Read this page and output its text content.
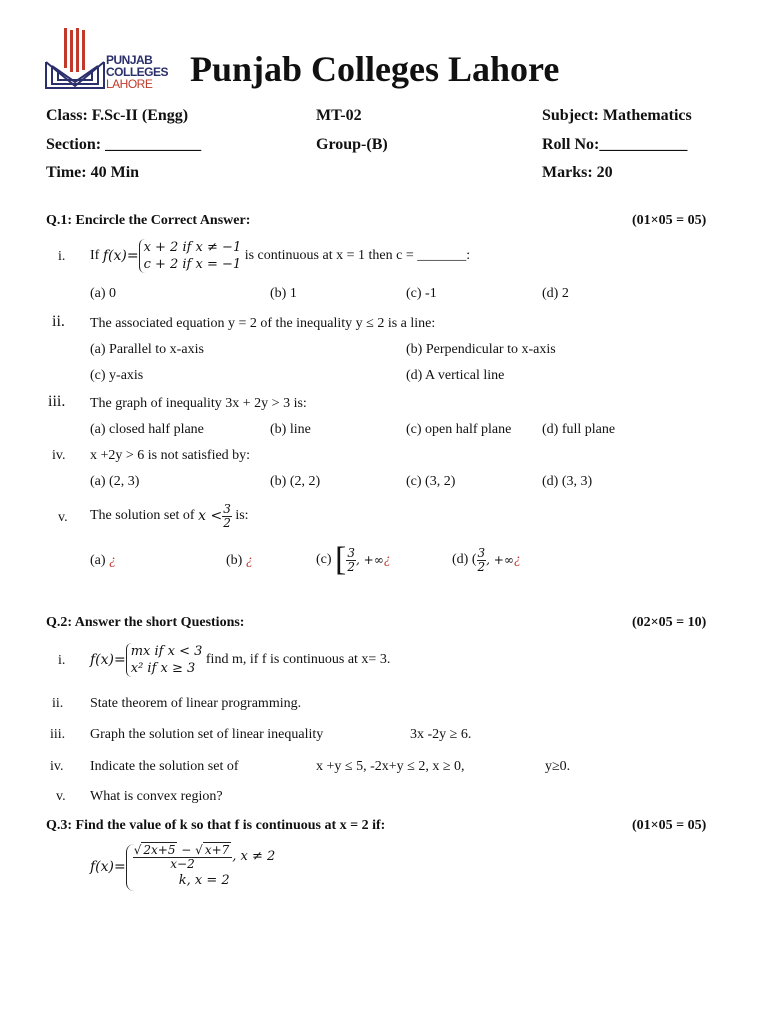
PUNJAB
COLLEGES
LAHORE	Punjab Colleges Lahore
Class: F.Sc-II (Engg)	MT-02	Subject: Mathematics
Section: ____________	Group-(B)	Roll No:___________
Time: 40 Min	Marks: 20
Q.1: Encircle the Correct Answer:	(01×05 = 05)
i. If
f(x)=
x + 2 if x ≠ −1
c + 2 if x = −1

is continuous at x = 1 then c = _______:
(a) 0	(b) 1	(c) -1	(d) 2
ii. The associated equation y = 2 of the inequality y ≤ 2 is a line:
(a) Parallel to x-axis	(b) Perpendicular to x-axis
(c) y-axis	(d) A vertical line
iii. The graph of inequality 3x + 2y > 3 is:
(a) closed half plane	(b) line	(c) open half plane (d) full plane
iv. x +2y > 6 is not satisfied by:
(a) (2, 3)	(b) (2, 2)	(c) (3, 2)	(d) (3, 3)
v. The solution set of
$x < \frac{3}{2}$
is:
(a) ¿	(b) ¿	(c)
[ $\frac{3}{2}$ , +∞ ¿	(d) ( $\frac{3}{2}$ , +∞ ¿
Q.2: Answer the short Questions:	(02×05 = 10)
i. f(x)=
mx if x < 3
x² if x ≥ 3

find m, if f is continuous at x= 3.
ii. State theorem of linear programming.
iii. Graph the solution set of linear inequality	3x -2y ≥ 6.
iv. Indicate the solution set of	x +y ≤ 5, -2x+y ≤ 2, x ≥ 0,	y≥0.
v. What is convex region?
Q.3: Find the value of k so that f is continuous at x = 2 if:	(01×05 = 05)
$f(x)= \frac{√ 2x+5 - √ x+7}{x-2}$ , x ≠ 2
k, x = 2
